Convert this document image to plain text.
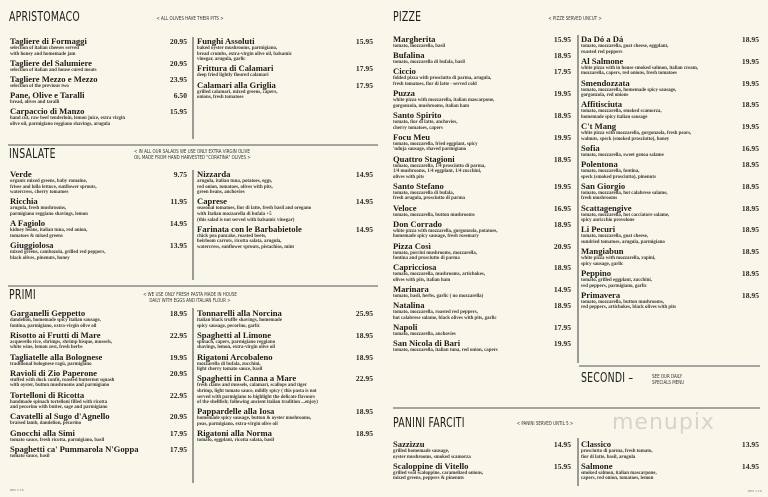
APRISTOMACO	< ALL OLIVES HAVE THEIR PITS >
Tagliere di Formaggi	20.95
selection of italian cheeses served
with honey and homemade jam
Tagliere del Salumiere	20.95
selection of italian and house cured meats
Tagliere Mezzo e Mezzo	23.95
selection of the previous two
Pane, Olive e Taralli	6.50
bread, olives and taralli
Carpaccio di Manzo	15.95
hand cut, raw beef tenderloin, lemon juice, extra virgin
olive oil, parmigiano reggiano shavings, arugula
Funghi Assoluti	15.95
baked oyster mushrooms, parmigiano,
bread crumbs, extra-virgin olive oil, balsamic
vinegar, arugula, garlic
Frittura di Calamari	17.95
deep fried lightly floured calamari
Calamari alla Griglia	17.95
grilled calamari, mixed greens, capers,
onions, fresh tomatoes
INSALATE	< IN ALL OUR SALADS WE USE ONLY EXTRA VIRGIN OLIVE
OIL MADE FROM HAND HARVESTED "CORATINA" OLIVES >
Verde	9.75
organic mixed greens, baby romaine,
frisee and lolla lettuce, sunflower sprouts,
watercress, cherry tomatoes
Ricchia	11.95
arugula, fresh mushrooms,
parmigiano reggiano shavings, lemon
A Fagiolo	14.95
kidney beans, italian tuna, red onion,
tomatoes & mixed greens
Giuggiolosa	13.95
mixed greens, cambozola, grilled red peppers,
black olives, pinenuts, honey
Nizzarda	14.95
arugula, italian tuna, potatoes, eggs,
red onion, tomatoes, olives with pits,
green beans, anchovies
Caprese	14.95
seasonal tomatoes, fior di latte, fresh basil and oregano
with Italian mozzarella di bufala +5
(this salad is not served with balsamic vinegar)
Farinata con le Barbabietole	14.95
chick pea pancake, roasted beets,
heirloom carrots, ricotta salata, arugula,
watercress, sunflower sprouts, pistachios, mint
PRIMI	< WE USE ONLY FRESH PASTA MADE IN HOUSE
DAILY WITH EGGS AND ITALIAN FLOUR >
Garganelli Geppetto	18.95
dandelion, homemade spicy italian sausage,
fontina, parmigiano, extra-virgin olive oil
Risotto ai Frutti di Mare	22.95
acquerello rice, shrimps, shrimp bisque, mussels,
white wine, lemon zest, fresh herbs
Tagliatelle alla Bolognese	19.95
traditional bolognese ragù, parmigiano
Ravioli di Zio Paperone	20.95
stuffed with duck confit, roasted butternut squash
with oyster, button mushrooms and parmigiano
Tortelloni di Ricotta	22.95
handmade spinach tortelloni filled with ricotta
and pecorino with butter, sage and parmigiano
Cavatelli al Sugo d'Agnello	20.95
braised lamb, dandelion, pecorino
Gnocchi alla Simi	17.95
tomato sauce, fresh ricotta, parmigiano, basil
Spaghetti ca' Pummarola N'Goppa	17.95
tomato sauce, basil
Tonnarelli alla Norcina	25.95
italian black truffle shavings, homemade
spicy sausage, pecorino, garlic
Spaghetti al Limone	18.95
spinach, capers, parmigiano reggiano
shavings, lemon, extra-virgin olive oil
Rigatoni Arcobaleno	18.95
mozzarella di bufala, zucchini,
light cherry tomato sauce, basil
Spaghetti in Canna a Mare	22.95
fresh clams and mussels, calamari, scallops and tiger
shrimp, light tomato sauce, mildly spicy ( this pasta is not
served with parmigiano to highlight the delicate flavours
of the shellfish; following ancient italian tradition ...enjoy)
Pappardelle alla Iosa	18.95
homemade spicy sausage, button & oyster mushrooms,
peas, parmigiano, extra-virgin olive oil
Rigatoni alla Norma	18.95
tomato, eggplant, ricotta salata, basil
REV 1.19
PIZZE	< PIZZE SERVED UNCUT >
Margherita	15.95
tomato, mozzarella, basil
Bufalina	18.95
tomato, mozzarella di bufala, basil
Ciccio	17.95
folded pizza with prosciutto di parma, arugula,
fresh tomatoes, fior di latte - served cold
Puzza	19.95
white pizza with mozzarella, italian mascarpone,
gorgonzola, mushrooms, italian ham
Santo Spirito	18.95
tomato, fior di latte, anchovies,
cherry tomatoes, capers
Focu Meu	19.95
tomato, mozzarella, fried eggplant, spicy
'nduja sausage, shaved parmigiano
Quattro Stagioni	18.95
tomato, mozzarella, 1/4 prosciutto di parma,
1/4 mushrooms, 1/4 eggplant, 1/4 zucchini,
olives with pits
Santo Stefano	19.95
tomato, mozzarella di bufala,
fresh arugula, prosciutto di parma
Veloce	16.95
tomato, mozzarella, button mushrooms
Don Corrado	18.95
white pizza with mozzarella, gorgonzola, potatoes,
homemade spicy sausage, fresh rosemary
Pizza Così	20.95
tomato, porcini mushrooms, mozzarella,
fontina and prosciutto di parma
Capricciosa	18.95
tomato, mozzarella, mushrooms, artichokes,
olives with pits, italian ham
Marinara	14.95
tomato, basil, herbs, garlic ( no mozzarella)
Natalina	18.95
tomato, mozzarella, roasted red peppers,
hot calabrese salame, black olives with pits, garlic
Napoli	17.95
tomato, mozzarella, anchovies
San Nicola di Bari	19.95
tomato, mozzarella, italian tuna, red onion, capers
Da Dó a Dá	18.95
tomato, mozzarella, goat cheese, eggplant,
roasted red peppers
Al Salmone	19.95
white pizza with in house smoked salmon, italian cream,
mozzarella, capers, red onions, fresh tomatoes
Smendozzata	19.95
tomato, mozzarella, homemade spicy sausage,
gorgonzola, red onions
Affitisciuta	18.95
tomato, mozzarella, smoked scamorza,
homemade spicy italian sausage
C't Mang	19.95
white pizza with mozzarella, gorgonzola, fresh pears,
walnuts, speck (smoked prosciutto), honey
Sofia	16.95
tomato, mozzarella, sweet genoa salame
Polentona	18.95
tomato, mozzarella, fontina,
speck (smoked prosciutto), pinenuts
San Giorgio	18.95
tomato, mozzarella, hot calabrese salame,
fresh mushrooms
Scattagengive	18.95
tomato, mozzarella, hot cacciatore salame,
spicy auricchio provolone
Li Pecuri	18.95
tomato, mozzarella, goat cheese,
sundried tomatoes, arugula, parmigiano
Mangiabun	18.95
white pizza with mozzarella, rapini,
spicy sausage, garlic
Peppino	18.95
tomato, grilled eggplant, zucchini,
red peppers, parmigiano, garlic
Primavera	18.95
tomato, mozzarella, button mushrooms,
red peppers, artichokes, black olives with pits
SECONDI –	SEE OUR DAILY
SPECIALS MENU
menupix
PANINI FARCITI	< PANINI SERVED UNTIL 5 >
Sazzizzu	14.95
grilled homemade sausage,
oyster mushrooms, smoked scamorza
Scaloppine di Vitello	15.95
grilled veal scaloppine, caramelized onions,
mixed greens, peppers & pinenuts
Classico	13.95
prosciutto di parma, fresh tomato,
fior di latte, basil, arugula
Salmone	14.95
smoked salmon, italian mascarpone,
capers, red onion, tomatoes, lemon
REV 1.19
